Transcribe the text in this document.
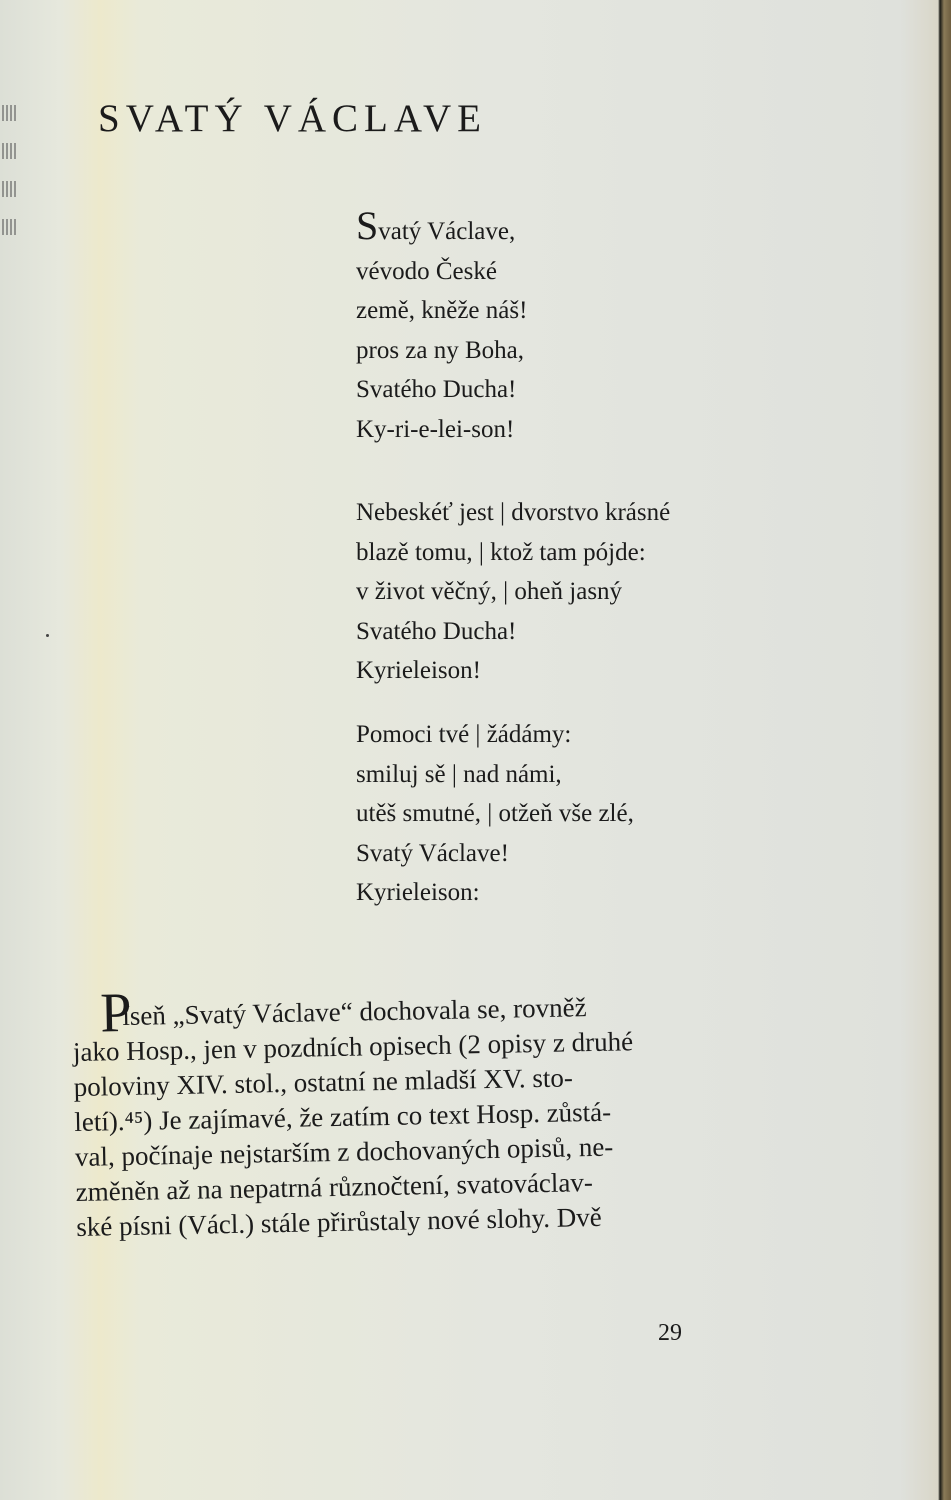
SVATÝ VÁCLAVE
Svatý Václave,
vévodo České
země, kněže náš!
pros za ny Boha,
Svatého Ducha!
Ky-ri-e-lei-son!
Nebeskéť jest | dvorstvo krásné
blazě tomu, | ktož tam pójde:
v život věčný, | oheň jasný
Svatého Ducha!
Kyrieleison!
Pomoci tvé | žádámy:
smiluj sě | nad námi,
utěš smutné, | otžeň vše zlé,
Svatý Václave!
Kyrieleison:
P
íseň „Svatý Václave“ dochovala se, rovněž
jako Hosp., jen v pozdních opisech (2 opisy z druhé
poloviny XIV. stol., ostatní ne mladší XV. sto-
letí).⁴⁵) Je zajímavé, že zatím co text Hosp. zůstá-
val, počínaje nejstarším z dochovaných opisů, ne-
změněn až na nepatrná různočtení, svatováclav-
ské písni (Václ.) stále přirůstaly nové slohy. Dvě
29
